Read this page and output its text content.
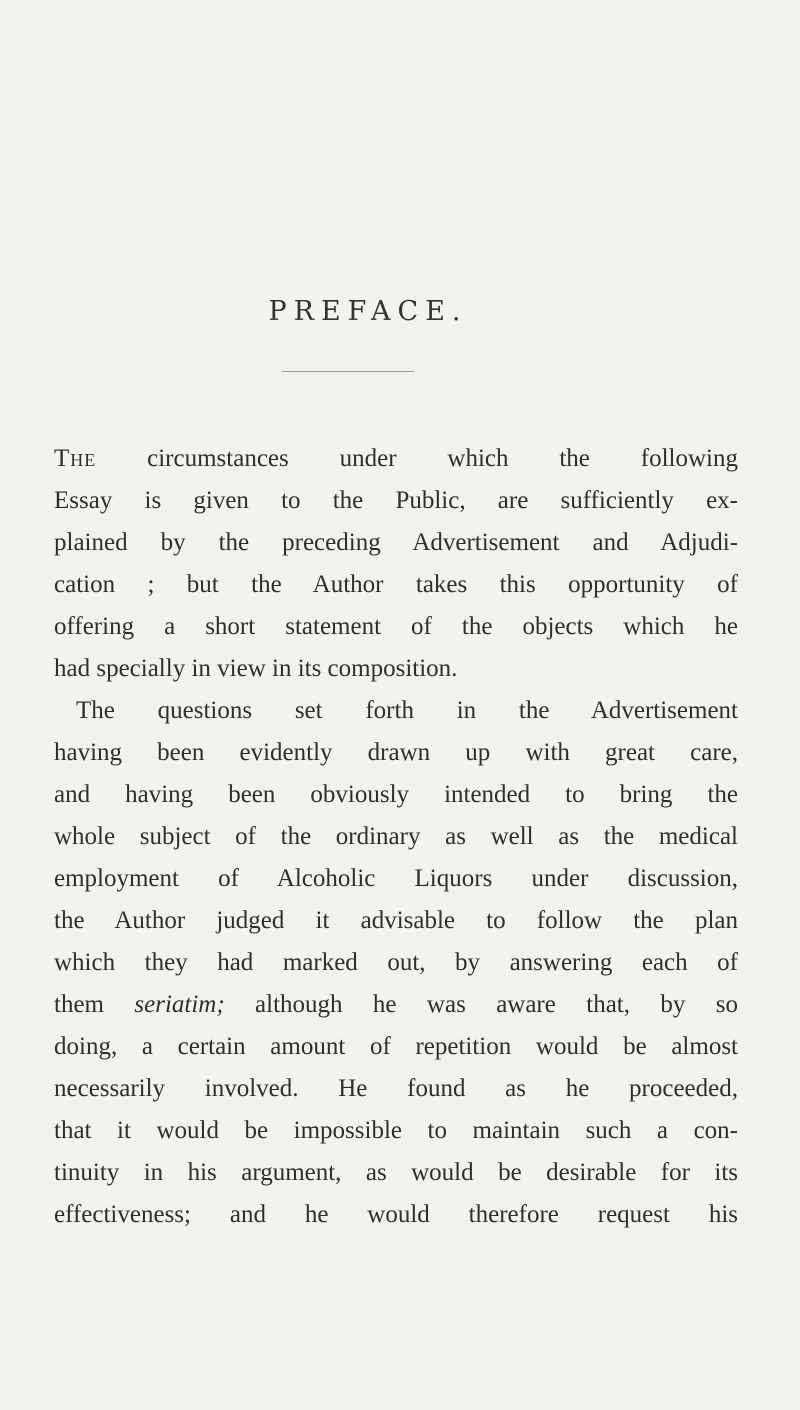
PREFACE.
The circumstances under which the following
Essay is given to the Public, are sufficiently ex-
plained by the preceding Advertisement and Adjudi-
cation ; but the Author takes this opportunity of
offering a short statement of the objects which he
had specially in view in its composition.
The questions set forth in the Advertisement
having been evidently drawn up with great care,
and having been obviously intended to bring the
whole subject of the ordinary as well as the medical
employment of Alcoholic Liquors under discussion,
the Author judged it advisable to follow the plan
which they had marked out, by answering each of
them seriatim; although he was aware that, by so
doing, a certain amount of repetition would be almost
necessarily involved. He found as he proceeded,
that it would be impossible to maintain such a con-
tinuity in his argument, as would be desirable for its
effectiveness; and he would therefore request his
